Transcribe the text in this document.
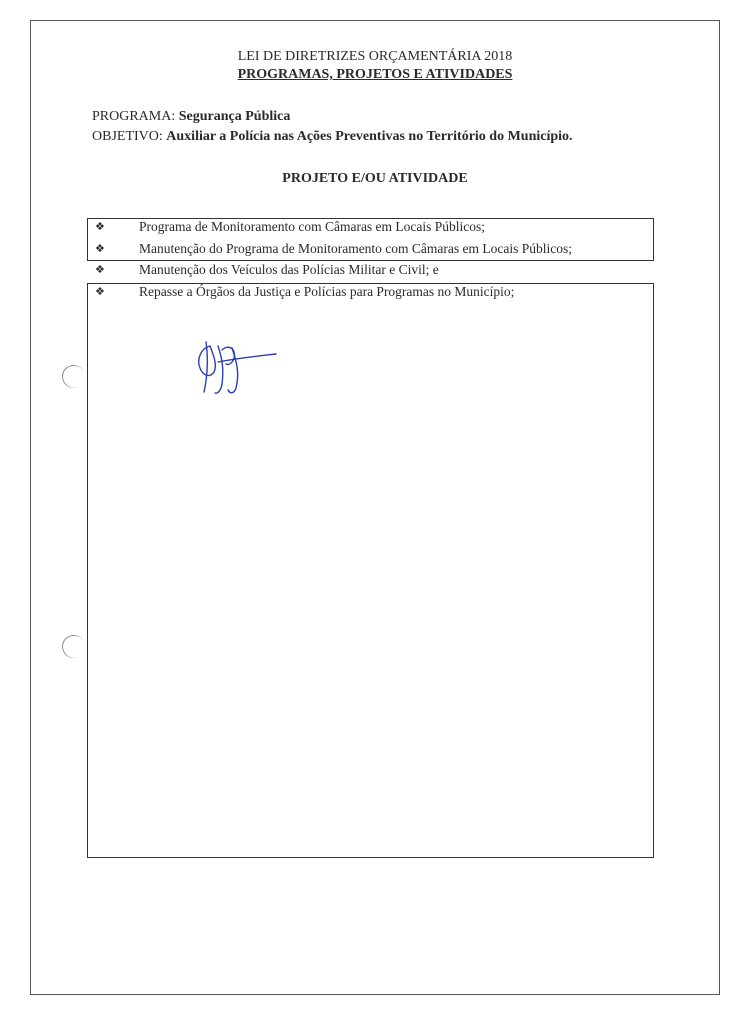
LEI DE DIRETRIZES ORÇAMENTÁRIA 2018
PROGRAMAS, PROJETOS E ATIVIDADES
PROGRAMA: Segurança Pública
OBJETIVO: Auxiliar a Polícia nas Ações Preventivas no Território do Município.
PROJETO E/OU ATIVIDADE
❖	Programa de Monitoramento com Câmaras em Locais Públicos;
❖	Manutenção do Programa de Monitoramento com Câmaras em Locais Públicos;
❖	Manutenção dos Veículos das Polícias Militar e Civil; e
❖	Repasse a Órgãos da Justiça e Polícias para Programas no Município;
